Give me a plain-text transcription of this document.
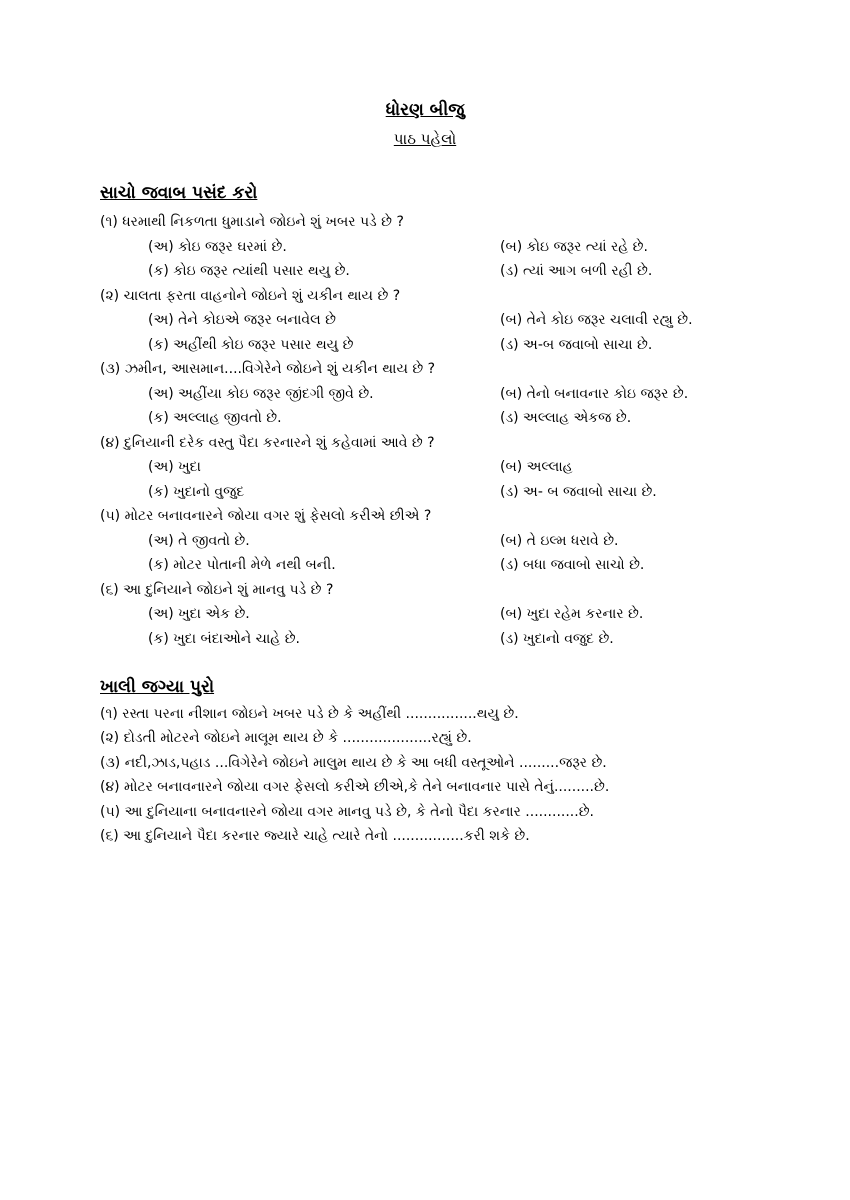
ધોરણ બીજુ
પાઠ પહેલો
સાચો જવાબ પસંદ કરો
(૧) ધરમાથી નિકળતા ધુમાડાને જોઇને શું ખબર પડે છે ?
(અ) કોઇ જરૂર ઘરમાં છે.	(બ) કોઇ જરૂર ત્યાં રહે છે.
(ક) કોઇ જરૂર ત્યાંથી પસાર થયુ છે.	(ડ) ત્યાં આગ બળી રહી છે.
(૨) ચાલતા ફરતા વાહનોને જોઇને શું યકીન થાય છે ?
(અ) તેને કોઇએ જરૂર બનાવેલ છે	(બ) તેને કોઇ જરૂર ચલાવી રહ્યુ છે.
(ક) અહીંથી કોઇ જરૂર પસાર થયુ છે	(ડ) અ-બ જવાબો સાચા છે.
(૩) ઝમીન, આસમાન....વિગેરેને જોઇને શું યકીન થાય છે ?
(અ) અહીંયા કોઇ જરૂર જીંદગી જીવે છે.	(બ) તેનો બનાવનાર કોઇ જરૂર છે.
(ક) અલ્લાહ જીવતો છે.	(ડ) અલ્લાહ એકજ છે.
(૪) દુનિયાની દરેક વસ્તુ પૈદા કરનારને શું કહેવામાં આવે છે ?
(અ) ખુદા	(બ) અલ્લાહ
(ક) ખુદાનો વુજુદ	(ડ) અ- બ જવાબો સાચા છે.
(૫) મોટર બનાવનારને જોયા વગર શું ફેસલો કરીએ છીએ ?
(અ) તે જીવતો છે.	(બ) તે ઇલ્મ ધરાવે છે.
(ક) મોટર પોતાની મેળે નથી બની.	(ડ) બધા જવાબો સાચો છે.
(૬) આ દુનિયાને જોઇને શું માનવુ પડે છે ?
(અ) ખુદા એક છે.	(બ) ખુદા રહેમ કરનાર છે.
(ક) ખુદા બંદાઓને ચાહે છે.	(ડ) ખુદાનો વજુદ છે.
ખાલી જગ્યા પુરો
(૧) રસ્તા પરના નીશાન જોઇને ખબર પડે છે કે અહીંથી ................થયુ છે.
(૨) દોડતી મોટરને જોઇને માલૂમ થાય છે કે ....................રહ્યું છે.
(૩) નદી,ઝાડ,પહાડ ...વિગેરેને જોઇને માલુમ થાય છે કે આ બધી વસ્તૂઓને .........જરૂર છે.
(૪) મોટર બનાવનારને જોયા વગર ફેસલો કરીએ છીએ,કે તેને બનાવનાર પાસે તેનું.........છે.
(૫) આ દુનિયાના બનાવનારને જોયા વગર માનવુ પડે છે, કે તેનો પૈદા કરનાર ............છે.
(૬) આ દુનિયાને પૈદા કરનાર જ્યારે ચાહે ત્યારે તેનો ................કરી શકે છે.
